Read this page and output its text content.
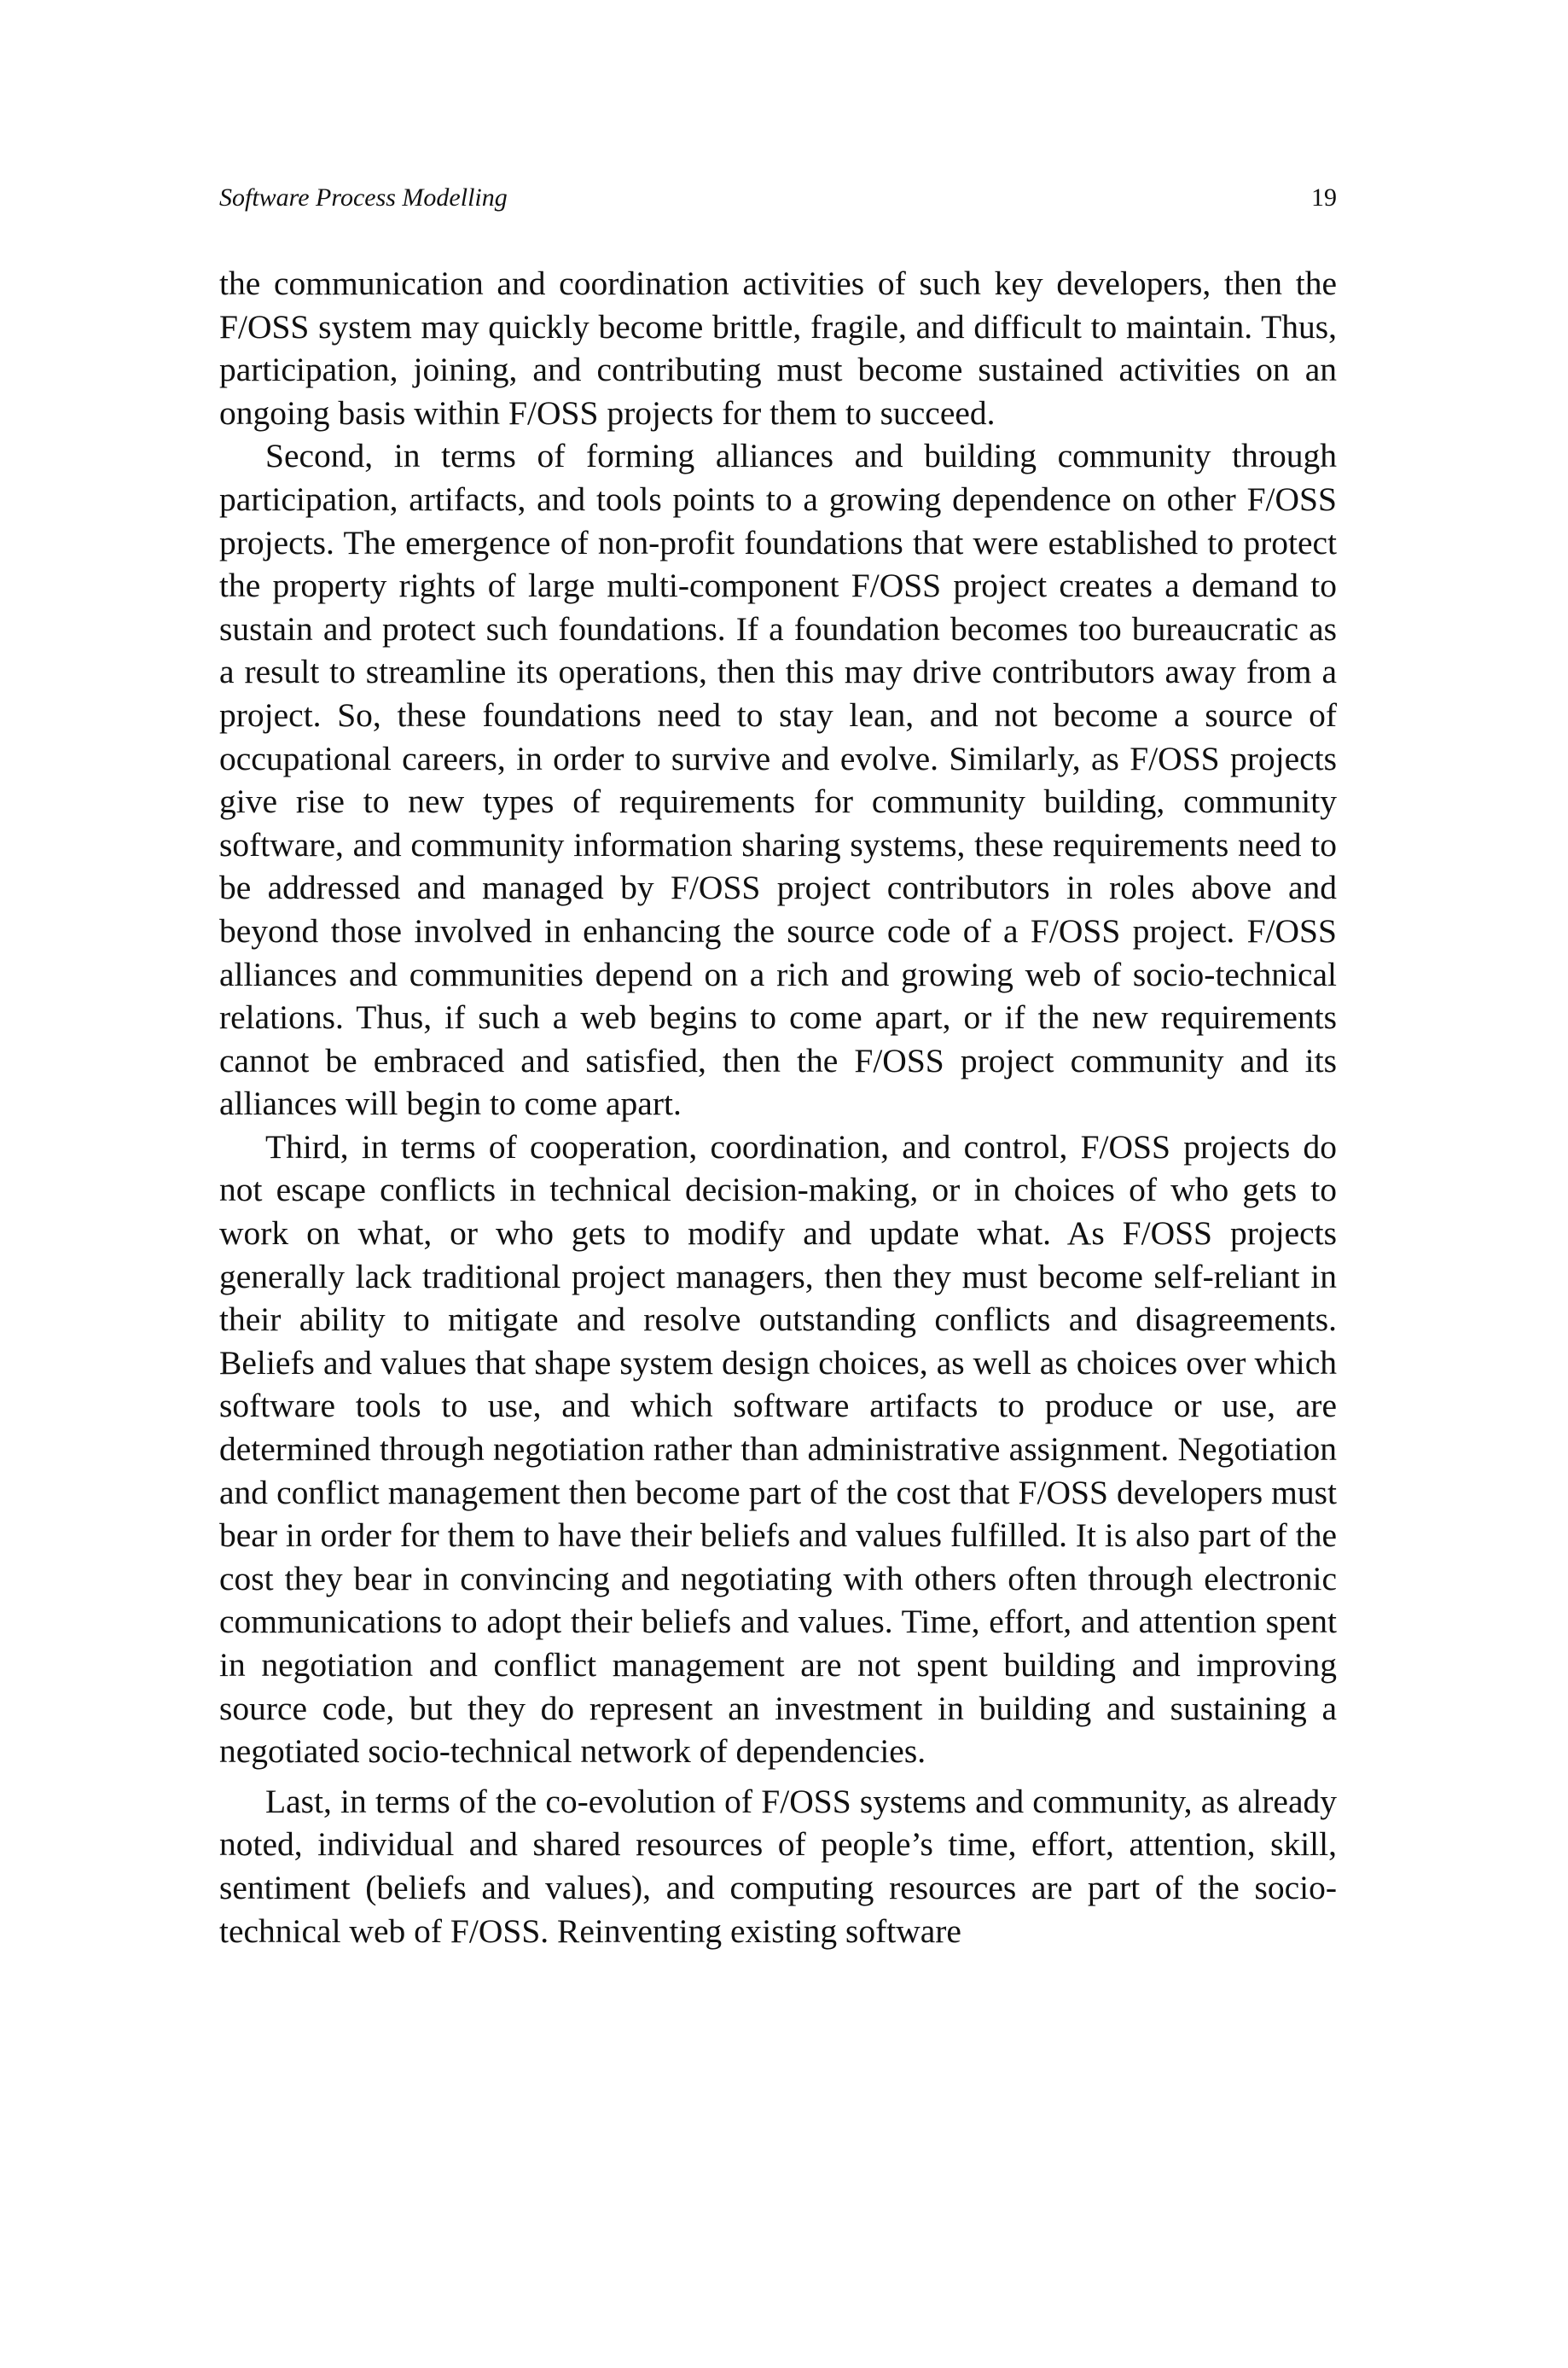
Software Process Modelling	19

the communication and coordination activities of such key developers, then the F/OSS system may quickly become brittle, fragile, and difficult to maintain. Thus, participation, joining, and contributing must become sustained activities on an ongoing basis within F/OSS projects for them to succeed.

Second, in terms of forming alliances and building community through participation, artifacts, and tools points to a growing dependence on other F/OSS projects. The emergence of non-profit foundations that were established to protect the property rights of large multi-component F/OSS project creates a demand to sustain and protect such foundations. If a foundation becomes too bureaucratic as a result to streamline its operations, then this may drive contributors away from a project. So, these foundations need to stay lean, and not become a source of occupational careers, in order to survive and evolve. Similarly, as F/OSS projects give rise to new types of requirements for community building, community software, and community information sharing systems, these requirements need to be addressed and managed by F/OSS project contributors in roles above and beyond those involved in enhancing the source code of a F/OSS project. F/OSS alliances and communities depend on a rich and growing web of socio-technical relations. Thus, if such a web begins to come apart, or if the new requirements cannot be embraced and satisfied, then the F/OSS project community and its alliances will begin to come apart.

Third, in terms of cooperation, coordination, and control, F/OSS projects do not escape conflicts in technical decision-making, or in choices of who gets to work on what, or who gets to modify and update what. As F/OSS projects generally lack traditional project managers, then they must become self-reliant in their ability to mitigate and resolve outstanding conflicts and disagreements. Beliefs and values that shape system design choices, as well as choices over which software tools to use, and which software artifacts to produce or use, are determined through negotiation rather than administrative assignment. Negotiation and conflict management then become part of the cost that F/OSS developers must bear in order for them to have their beliefs and values fulfilled. It is also part of the cost they bear in convincing and negotiating with others often through electronic communications to adopt their beliefs and values. Time, effort, and attention spent in negotiation and conflict management are not spent building and improving source code, but they do represent an investment in building and sustaining a negotiated socio-technical network of dependencies.

Last, in terms of the co-evolution of F/OSS systems and community, as already noted, individual and shared resources of people’s time, effort, attention, skill, sentiment (beliefs and values), and computing resources are part of the socio-technical web of F/OSS. Reinventing existing software
